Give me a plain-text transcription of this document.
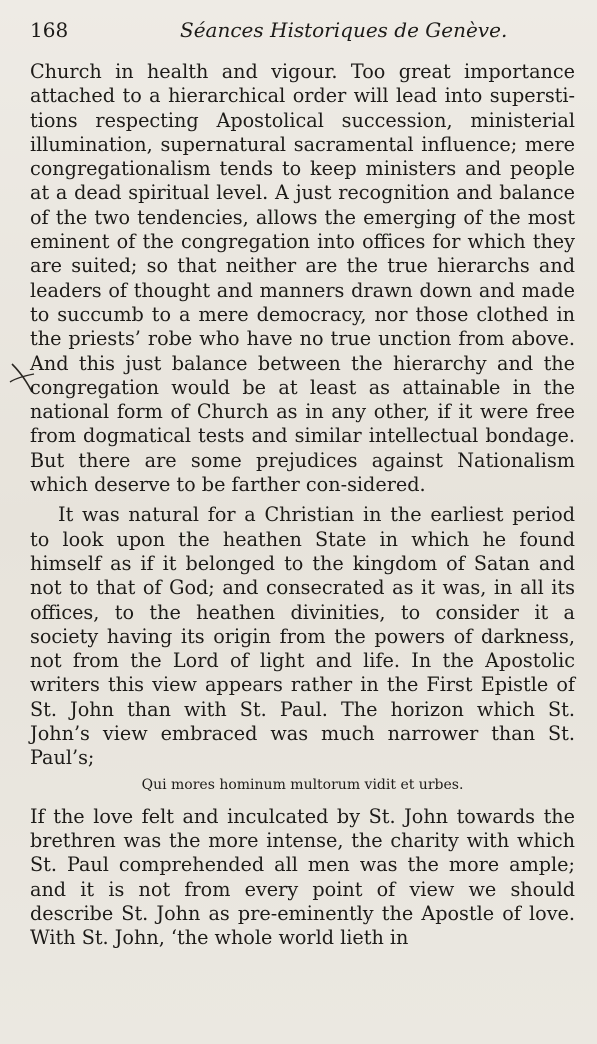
168	Séances Historiques de Genève.

Church in health and vigour. Too great importance attached to a hierarchical order will lead into supersti-tions respecting Apostolical succession, ministerial illumination, supernatural sacramental influence; mere congregationalism tends to keep ministers and people at a dead spiritual level. A just recognition and balance of the two tendencies, allows the emerging of the most eminent of the congregation into offices for which they are suited; so that neither are the true hierarchs and leaders of thought and manners drawn down and made to succumb to a mere democracy, nor those clothed in the priests’ robe who have no true unction from above. And this just balance between the hierarchy and the congregation would be at least as attainable in the national form of Church as in any other, if it were free from dogmatical tests and similar intellectual bondage. But there are some prejudices against Nationalism which deserve to be farther con-sidered.

It was natural for a Christian in the earliest period to look upon the heathen State in which he found himself as if it belonged to the kingdom of Satan and not to that of God; and consecrated as it was, in all its offices, to the heathen divinities, to consider it a society having its origin from the powers of darkness, not from the Lord of light and life. In the Apostolic writers this view appears rather in the First Epistle of St. John than with St. Paul. The horizon which St. John’s view embraced was much narrower than St. Paul’s;

Qui mores hominum multorum vidit et urbes.

If the love felt and inculcated by St. John towards the brethren was the more intense, the charity with which St. Paul comprehended all men was the more ample; and it is not from every point of view we should describe St. John as pre-eminently the Apostle of love. With St. John, ‘the whole world lieth in
